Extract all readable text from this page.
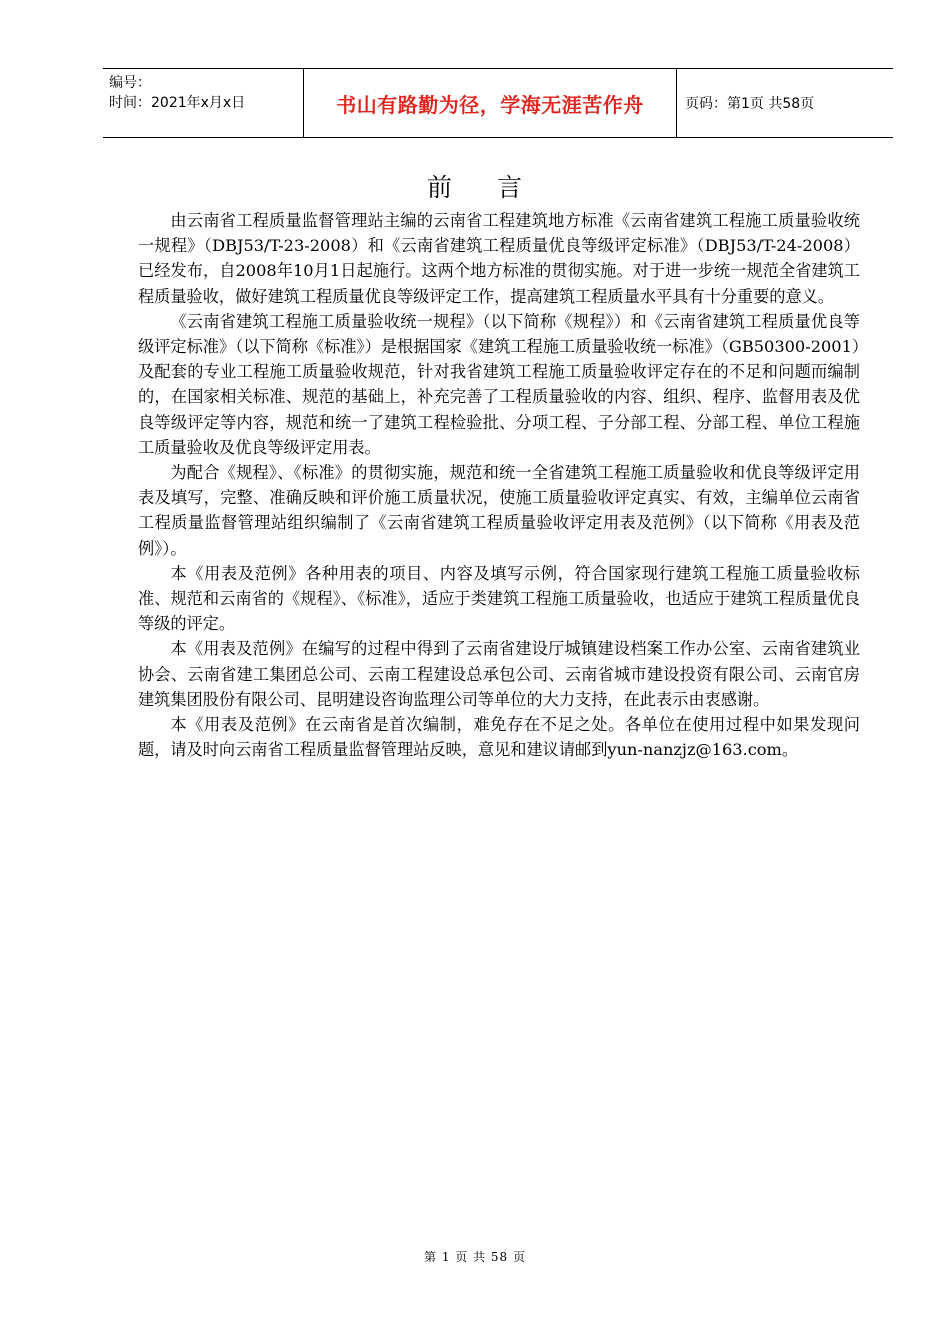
编号：
时间：2021年x月x日	书山有路勤为径，学海无涯苦作舟	页码：第1页 共58页
前 言

由云南省工程质量监督管理站主编的云南省工程建筑地方标准《云南省建筑工程施工质量验收统一规程》（DBJ53/T-23-2008）和《云南省建筑工程质量优良等级评定标准》（DBJ53/T-24-2008）已经发布，自2008年10月1日起施行。这两个地方标准的贯彻实施。对于进一步统一规范全省建筑工程质量验收，做好建筑工程质量优良等级评定工作，提高建筑工程质量水平具有十分重要的意义。

《云南省建筑工程施工质量验收统一规程》（以下简称《规程》）和《云南省建筑工程质量优良等级评定标准》（以下简称《标准》）是根据国家《建筑工程施工质量验收统一标准》（GB50300-2001）及配套的专业工程施工质量验收规范，针对我省建筑工程施工质量验收评定存在的不足和问题而编制的，在国家相关标准、规范的基础上，补充完善了工程质量验收的内容、组织、程序、监督用表及优良等级评定等内容，规范和统一了建筑工程检验批、分项工程、子分部工程、分部工程、单位工程施工质量验收及优良等级评定用表。

为配合《规程》、《标准》的贯彻实施，规范和统一全省建筑工程施工质量验收和优良等级评定用表及填写，完整、准确反映和评价施工质量状况，使施工质量验收评定真实、有效，主编单位云南省工程质量监督管理站组织编制了《云南省建筑工程质量验收评定用表及范例》（以下简称《用表及范例》）。

本《用表及范例》各种用表的项目、内容及填写示例，符合国家现行建筑工程施工质量验收标准、规范和云南省的《规程》、《标准》，适应于类建筑工程施工质量验收，也适应于建筑工程质量优良等级的评定。

本《用表及范例》在编写的过程中得到了云南省建设厅城镇建设档案工作办公室、云南省建筑业协会、云南省建工集团总公司、云南工程建设总承包公司、云南省城市建设投资有限公司、云南官房建筑集团股份有限公司、昆明建设咨询监理公司等单位的大力支持，在此表示由衷感谢。

本《用表及范例》在云南省是首次编制，难免存在不足之处。各单位在使用过程中如果发现问题，请及时向云南省工程质量监督管理站反映，意见和建议请邮到yun-nanzjz@163.com。

第 1 页 共 58 页
